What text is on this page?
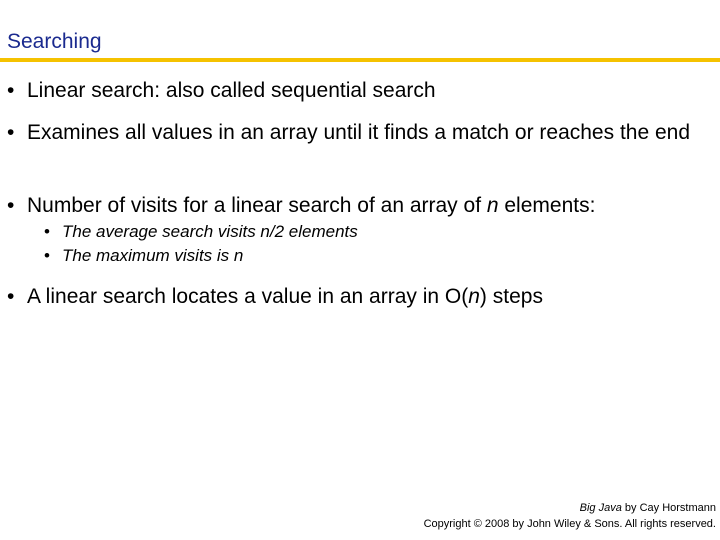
Searching
• Linear search: also called sequential search
• Examines all values in an array until it finds a match or reaches the end
• Number of visits for a linear search of an array of n elements:
• The average search visits n/2 elements
• The maximum visits is n
• A linear search locates a value in an array in O(n) steps
Big Java by Cay Horstmann
Copyright © 2008 by John Wiley & Sons. All rights reserved.
